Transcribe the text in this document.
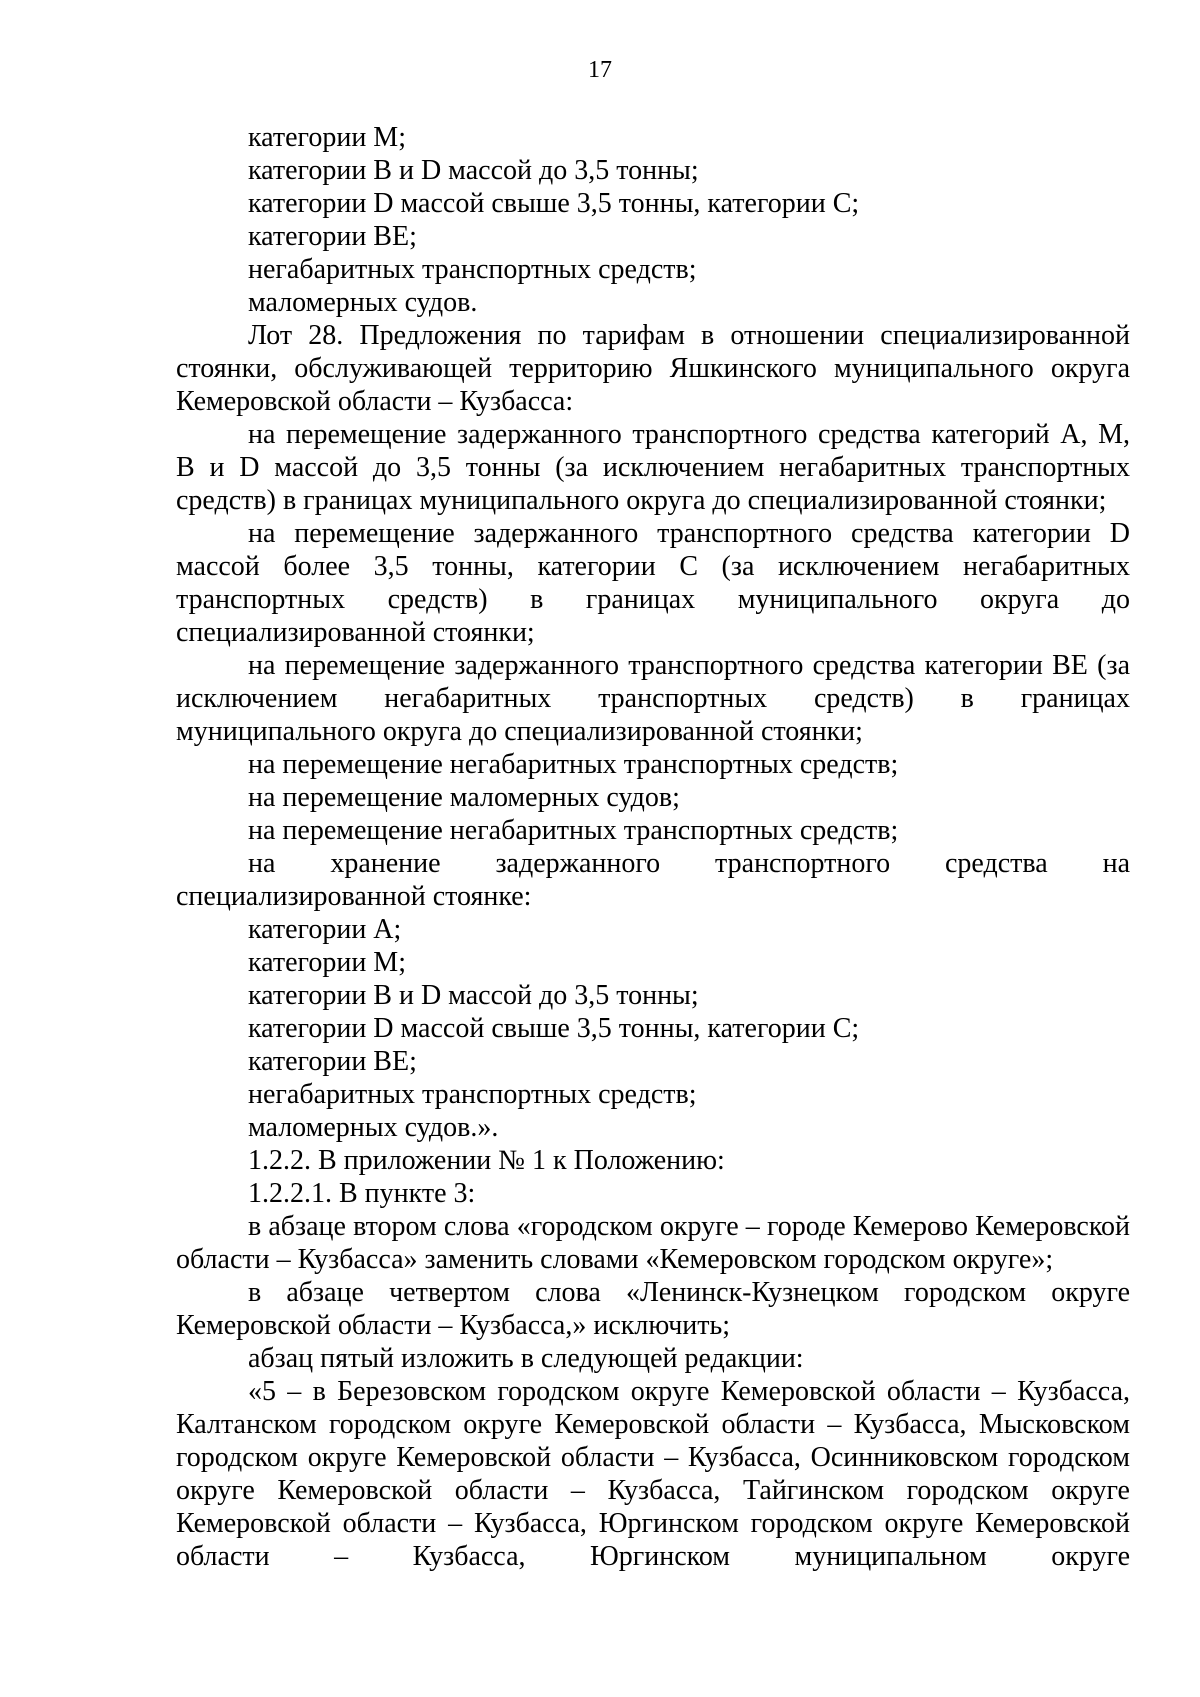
17

категории M;

категории B и D массой до 3,5 тонны;

категории D массой свыше 3,5 тонны, категории C;

категории BE;

негабаритных транспортных средств;

маломерных судов.

Лот 28. Предложения по тарифам в отношении специализированной стоянки, обслуживающей территорию Яшкинского муниципального округа Кемеровской области – Кузбасса:

на перемещение задержанного транспортного средства категорий A, M, B и D массой до 3,5 тонны (за исключением негабаритных транспортных средств) в границах муниципального округа до специализированной стоянки;

на перемещение задержанного транспортного средства категории D массой более 3,5 тонны, категории C (за исключением негабаритных транспортных средств) в границах муниципального округа до специализированной стоянки;

на перемещение задержанного транспортного средства категории BE (за исключением негабаритных транспортных средств) в границах муниципального округа до специализированной стоянки;

на перемещение негабаритных транспортных средств;

на перемещение маломерных судов;

на перемещение негабаритных транспортных средств;

на хранение задержанного транспортного средства на специализированной стоянке:

категории A;

категории M;

категории B и D массой до 3,5 тонны;

категории D массой свыше 3,5 тонны, категории C;

категории BE;

негабаритных транспортных средств;

маломерных судов.».

1.2.2. В приложении № 1 к Положению:

1.2.2.1. В пункте 3:

в абзаце втором слова «городском округе – городе Кемерово Кемеровской области – Кузбасса» заменить словами «Кемеровском городском округе»;

в абзаце четвертом слова «Ленинск-Кузнецком городском округе Кемеровской области – Кузбасса,» исключить;

абзац пятый изложить в следующей редакции:

«5 – в Березовском городском округе Кемеровской области – Кузбасса, Калтанском городском округе Кемеровской области – Кузбасса, Мысковском городском округе Кемеровской области – Кузбасса, Осинниковском городском округе Кемеровской области – Кузбасса, Тайгинском городском округе Кемеровской области – Кузбасса, Юргинском городском округе Кемеровской области – Кузбасса, Юргинском муниципальном округе
